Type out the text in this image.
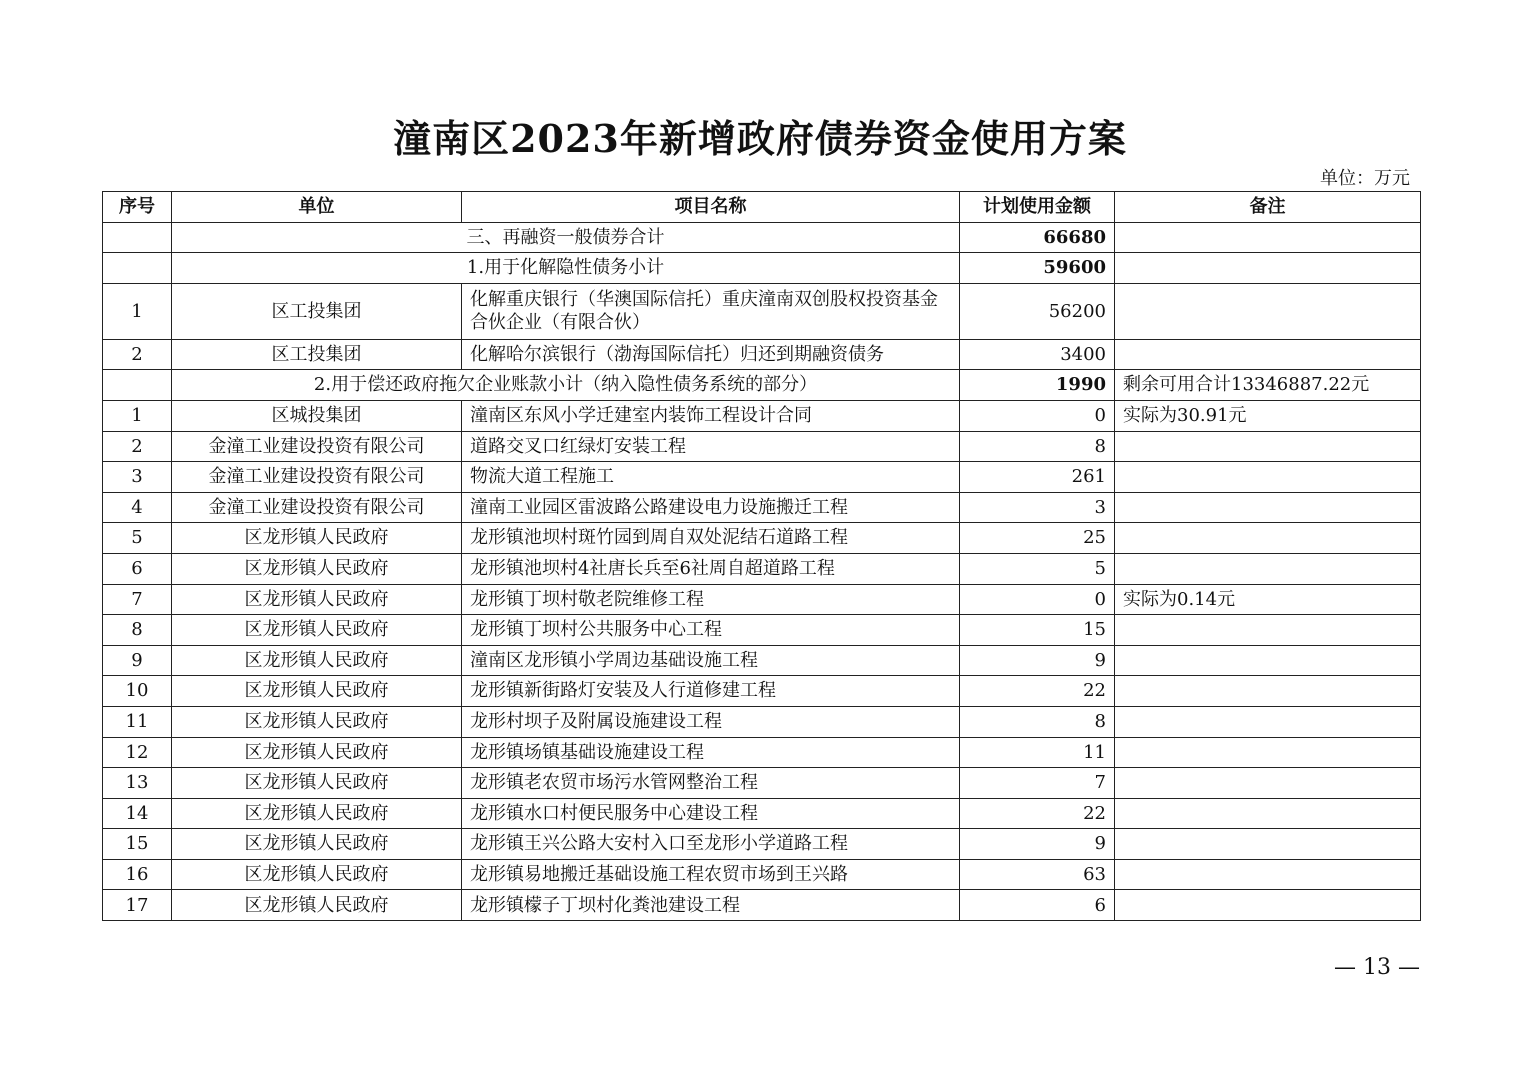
潼南区2023年新增政府债券资金使用方案
单位：万元
序号	单位	项目名称	计划使用金额	备注
	三、再融资一般债券合计		66680	
	1.用于化解隐性债务小计		59600	
1	区工投集团	化解重庆银行（华澳国际信托）重庆潼南双创股权投资基金合伙企业（有限合伙）	56200	
2	区工投集团	化解哈尔滨银行（渤海国际信托）归还到期融资债务	3400	
	2.用于偿还政府拖欠企业账款小计（纳入隐性债务系统的部分）		1990	剩余可用合计13346887.22元
1	区城投集团	潼南区东风小学迁建室内装饰工程设计合同	0	实际为30.91元
2	金潼工业建设投资有限公司	道路交叉口红绿灯安装工程	8	
3	金潼工业建设投资有限公司	物流大道工程施工	261	
4	金潼工业建设投资有限公司	潼南工业园区雷波路公路建设电力设施搬迁工程	3	
5	区龙形镇人民政府	龙形镇池坝村斑竹园到周自双处泥结石道路工程	25	
6	区龙形镇人民政府	龙形镇池坝村4社唐长兵至6社周自超道路工程	5	
7	区龙形镇人民政府	龙形镇丁坝村敬老院维修工程	0	实际为0.14元
8	区龙形镇人民政府	龙形镇丁坝村公共服务中心工程	15	
9	区龙形镇人民政府	潼南区龙形镇小学周边基础设施工程	9	
10	区龙形镇人民政府	龙形镇新街路灯安装及人行道修建工程	22	
11	区龙形镇人民政府	龙形村坝子及附属设施建设工程	8	
12	区龙形镇人民政府	龙形镇场镇基础设施建设工程	11	
13	区龙形镇人民政府	龙形镇老农贸市场污水管网整治工程	7	
14	区龙形镇人民政府	龙形镇水口村便民服务中心建设工程	22	
15	区龙形镇人民政府	龙形镇王兴公路大安村入口至龙形小学道路工程	9	
16	区龙形镇人民政府	龙形镇易地搬迁基础设施工程农贸市场到王兴路	63	
17	区龙形镇人民政府	龙形镇檬子丁坝村化粪池建设工程	6	
— 13 —
